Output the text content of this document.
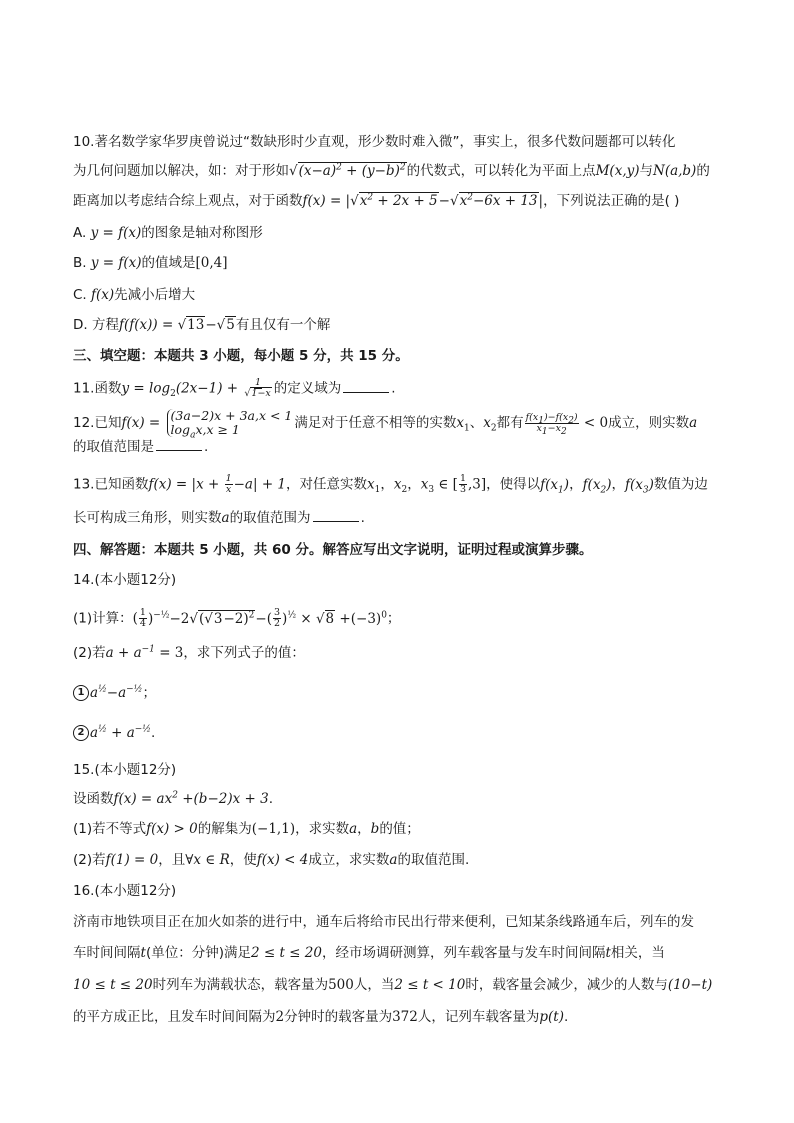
10.著名数学家华罗庚曾说过“数缺形时少直观，形少数时难入微”，事实上，很多代数问题都可以转化
为几何问题加以解决，如：对于形如$√(x-a)^2 + (y-b)^2$的代数式，可以转化为平面上点M(x,y)与N(a,b)的
距离加以考虑结合综上观点，对于函数$f(x) = |√x^2 + 2x + 5-√x^2-6x + 13|$，下列说法正确的是( )
A. y = f(x)的图象是轴对称图形
B. y = f(x)的值域是[0,4]
C. f(x)先减小后增大
D. 方程f(f(x)) = √13−√5有且仅有一个解
三、填空题：本题共 3 小题，每小题 5 分，共 15 分。
11.函数$y = \log_2(2x-1) + \frac{1}{√1-x}$ 的定义域为	.
12.已知f(x) = (3a−2)x + 3a,x < 1
$\log_ax,x \ge 1$	满足对于任意不相等的实数$x_1$、$x_2$都有 $\frac{f(x_1)-f(x_2)}{x_1-x_2} < 0$成立，则实数a
的取值范围是	.
13.已知函数$f(x) = |x + \frac{1}{x} -a| + 1$，对任意实数$x_1$，$x_2$，$x_3$ ∈ [ $\frac{1}{3} ,3$]，使得以$f(x_1)$，$f(x_2)$，$f(x_3)$数值为边
长可构成三角形，则实数a的取值范围为	.
四、解答题：本题共 5 小题，共 60 分。解答应写出文字说明，证明过程或演算步骤。
14.(本小题12分)
(1)计算：( $\frac{1}{4} )^{-\frac{1}{2}}-2√(√3-2)^2-( \frac{3}{2} )^{\frac{1}{2}} \times √8 +(-3)^0$；
(2)若$a + a^{-1} = 3$，求下列式子的值：
1 $a^{\frac{1}{2}}-a^{-\frac{1}{2}}$；
2 $a^{\frac{1}{2}} + a^{-\frac{1}{2}}$.
15.(本小题12分)
设函数$f(x) = ax^2 +(b-2)x + 3$.
(1)若不等式f(x) > 0的解集为(−1,1)，求实数a，b的值；
(2)若f(1) = 0，且∀x ∈ R，使f(x) < 4成立，求实数a的取值范围.
16.(本小题12分)
济南市地铁项目正在加火如荼的进行中，通车后将给市民出行带来便利，已知某条线路通车后，列车的发
车时间间隔t(单位：分钟)满足2 ≤ t ≤ 20，经市场调研测算，列车载客量与发车时间间隔t相关，当
10 ≤ t ≤ 20时列车为满载状态，载客量为500人，当2 ≤ t < 10时，载客量会减少，减少的人数与(10−t)
的平方成正比，且发车时间间隔为2分钟时的载客量为372人，记列车载客量为p(t).
